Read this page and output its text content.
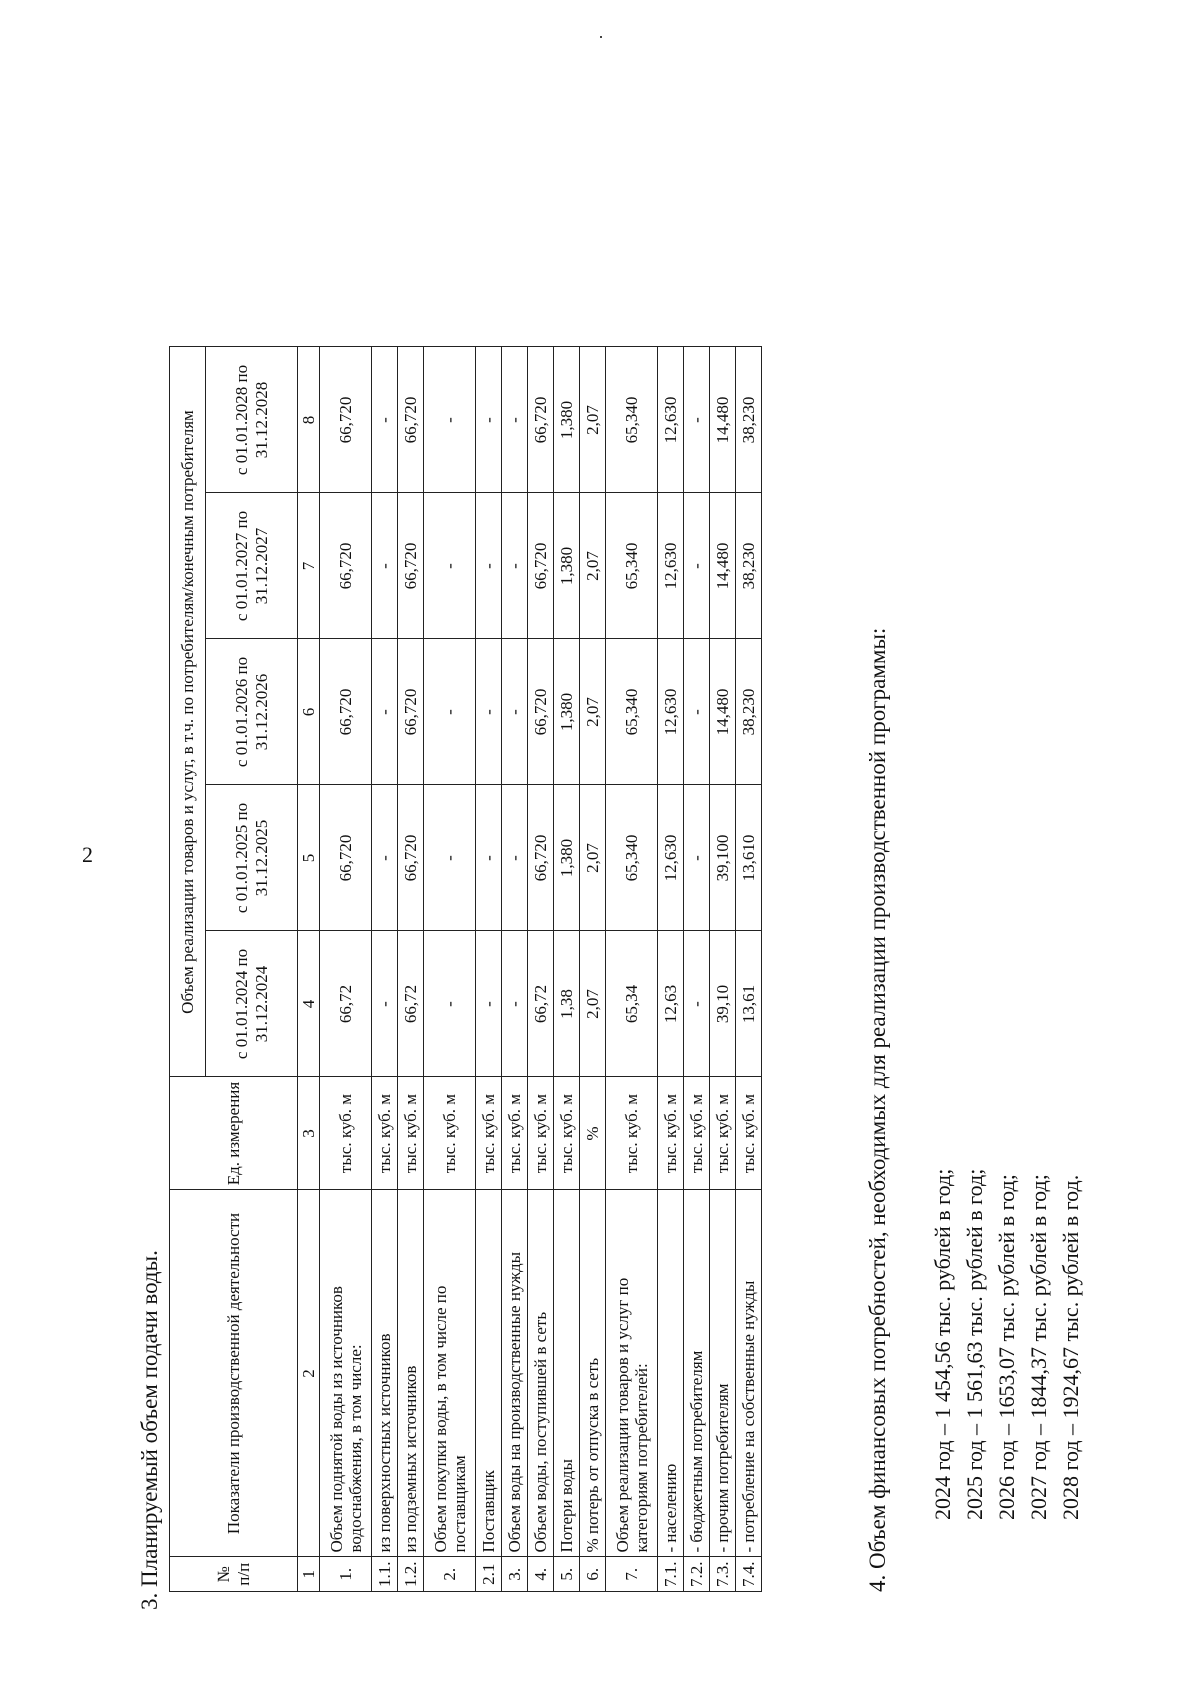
2
3. Планируемый объем подачи воды.	№ п/п	Показатели производственной деятельности	Ед. измерения	Объем реализации товаров и услуг, в т.ч. по потребителям/конечным потребителям				
			с 01.01.2024 по 31.12.2024	с 01.01.2025 по 31.12.2025	с 01.01.2026 по 31.12.2026	с 01.01.2027 по 31.12.2027	с 01.01.2028 по 31.12.2028
1	2	3	4	5	6	7	8
1.	Объем поднятой воды из источников водоснабжения, в том числе:	тыс. куб. м	66,72	66,720	66,720	66,720	66,720
1.1.	из поверхностных источников	тыс. куб. м	-	-	-	-	-
1.2.	из подземных источников	тыс. куб. м	66,72	66,720	66,720	66,720	66,720
2.	Объем покупки воды, в том числе по поставщикам	тыс. куб. м	-	-	-	-	-
2.1	Поставщик	тыс. куб. м	-	-	-	-	-
3.	Объем воды на производственные нужды	тыс. куб. м	-	-	-	-	-
4.	Объем воды, поступившей в сеть	тыс. куб. м	66,72	66,720	66,720	66,720	66,720
5.	Потери воды	тыс. куб. м	1,38	1,380	1,380	1,380	1,380
6.	% потерь от отпуска в сеть	%	2,07	2,07	2,07	2,07	2,07
7.	Объем реализации товаров и услуг по категориям потребителей:	тыс. куб. м	65,34	65,340	65,340	65,340	65,340
7.1.	- населению	тыс. куб. м	12,63	12,630	12,630	12,630	12,630
7.2.	- бюджетным потребителям	тыс. куб. м	-	-	-	-	-
7.3.	- прочим потребителям	тыс. куб. м	39,10	39,100	14,480	14,480	14,480
7.4.	- потребление на собственные нужды	тыс. куб. м	13,61	13,610	38,230	38,230	38,230
4. Объем финансовых потребностей, необходимых для реализации производственной программы: 2024 год – 1 454,56 тыс. рублей в год; 2025 год – 1 561,63 тыс. рублей в год; 2026 год – 1653,07 тыс. рублей в год; 2027 год – 1844,37 тыс. рублей в год; 2028 год – 1924,67 тыс. рублей в год.
